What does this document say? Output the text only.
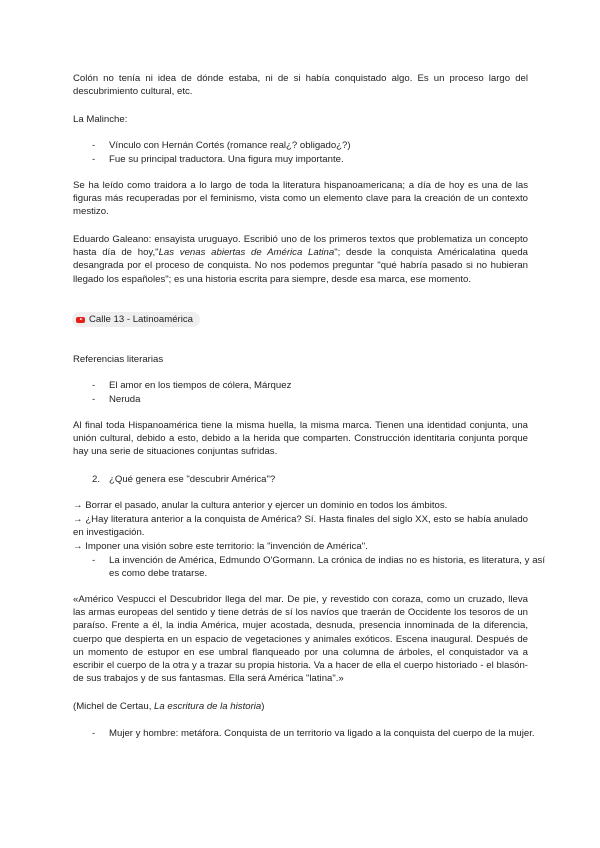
Colón no tenía ni idea de dónde estaba, ni de si había conquistado algo. Es un proceso largo del descubrimiento cultural, etc.

La Malinche:

- Vínculo con Hernán Cortés (romance real¿? obligado¿?)
- Fue su principal traductora. Una figura muy importante.

Se ha leído como traidora a lo largo de toda la literatura hispanoamericana; a día de hoy es una de las figuras más recuperadas por el feminismo, vista como un elemento clave para la creación de un contexto mestizo.

Eduardo Galeano: ensayista uruguayo. Escribió uno de los primeros textos que problematiza un concepto hasta día de hoy,"Las venas abiertas de América Latina"; desde la conquista Américalatina queda desangrada por el proceso de conquista. No nos podemos preguntar "qué habría pasado si no hubieran llegado los españoles"; es una historia escrita para siempre, desde esa marca, ese momento.

Calle 13 - Latinoamérica

Referencias literarias

- El amor en los tiempos de cólera, Márquez
- Neruda

Al final toda Hispanoamérica tiene la misma huella, la misma marca. Tienen una identidad conjunta, una unión cultural, debido a esto, debido a la herida que comparten. Construcción identitaria conjunta porque hay una serie de situaciones conjuntas sufridas.

2. ¿Qué genera ese "descubrir América"?

→ Borrar el pasado, anular la cultura anterior y ejercer un dominio en todos los ámbitos.

→ ¿Hay literatura anterior a la conquista de América? Sí. Hasta finales del siglo XX, esto se había anulado en investigación.

→ Imponer una visión sobre este territorio: la "invención de América".

- La invención de América, Edmundo O'Gormann. La crónica de indias no es historia, es literatura, y así es como debe tratarse.

«Américo Vespucci el Descubridor llega del mar. De pie, y revestido con coraza, como un cruzado, lleva las armas europeas del sentido y tiene detrás de sí los navíos que traerán de Occidente los tesoros de un paraíso. Frente a él, la india América, mujer acostada, desnuda, presencia innominada de la diferencia, cuerpo que despierta en un espacio de vegetaciones y animales exóticos. Escena inaugural. Después de un momento de estupor en ese umbral flanqueado por una columna de árboles, el conquistador va a escribir el cuerpo de la otra y a trazar su propia historia. Va a hacer de ella el cuerpo historiado - el blasón- de sus trabajos y de sus fantasmas. Ella será América "latina".»

(Michel de Certau, La escritura de la historia)

- Mujer y hombre: metáfora. Conquista de un territorio va ligado a la conquista del cuerpo de la mujer.
